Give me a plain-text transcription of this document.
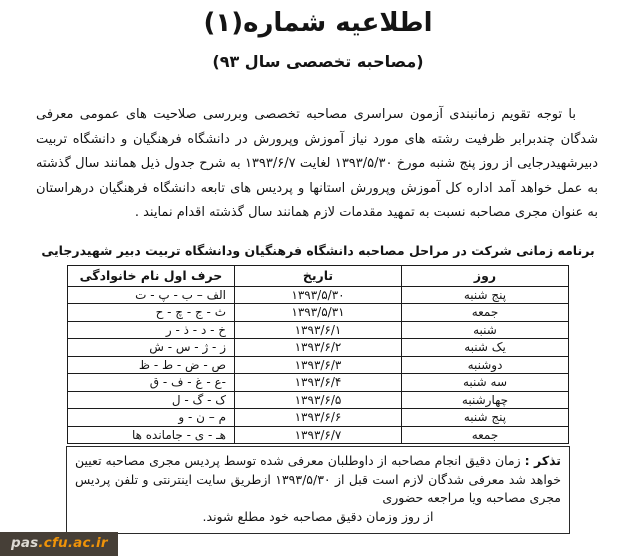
اطلاعیه شماره(۱)
(مصاحبه تخصصی سال ۹۳)

با توجه تقویم زمانبندی آزمون سراسری مصاحبه تخصصی وبررسی صلاحیت های عمومی معرفی شدگان چندبرابر ظرفیت رشته های مورد نیاز آموزش وپرورش در دانشگاه فرهنگیان و دانشگاه تربیت دبیرشهیدرجایی از روز پنج شنبه مورخ ۱۳۹۳/۵/۳۰ لغایت ۱۳۹۳/۶/۷ به شرح جدول ذیل همانند سال گذشته به عمل خواهد آمد اداره کل آموزش وپرورش استانها و پردیس های تابعه دانشگاه فرهنگیان درهراستان به عنوان مجری مصاحبه نسبت به تمهید مقدمات لازم همانند سال گذشته اقدام نمایند .

برنامه زمانی شرکت در مراحل مصاحبه دانشگاه فرهنگیان ودانشگاه تربیت دبیر شهیدرجایی
روز	تاریخ	حرف اول نام خانوادگی
پنج شنبه	۱۳۹۳/۵/۳۰	الف – ب - پ - ت
جمعه	۱۳۹۳/۵/۳۱	ث - ج - چ - ح
شنبه	۱۳۹۳/۶/۱	خ - د - ذ - ر
یک شنبه	۱۳۹۳/۶/۲	ز - ژ - س - ش
دوشنبه	۱۳۹۳/۶/۳	ص - ض - ط - ظ
سه شنبه	۱۳۹۳/۶/۴	-ع - غ - ف - ق
چهارشنبه	۱۳۹۳/۶/۵	ک - گ - ل
پنج شنبه	۱۳۹۳/۶/۶	م – ن - و
جمعه	۱۳۹۳/۶/۷	هـ - ی - جامانده ها
تذکر : زمان دقیق انجام مصاحبه از داوطلبان معرفی شده توسط پردیس مجری مصاحبه تعیین خواهد شد معرفی شدگان لازم است قبل از ۱۳۹۳/۵/۳۰ ازطریق سایت اینترنتی و تلفن پردیس مجری مصاحبه ویا مراجعه حضوری
از روز وزمان دقیق مصاحبه خود مطلع شوند.
pas.cfu.ac.ir
